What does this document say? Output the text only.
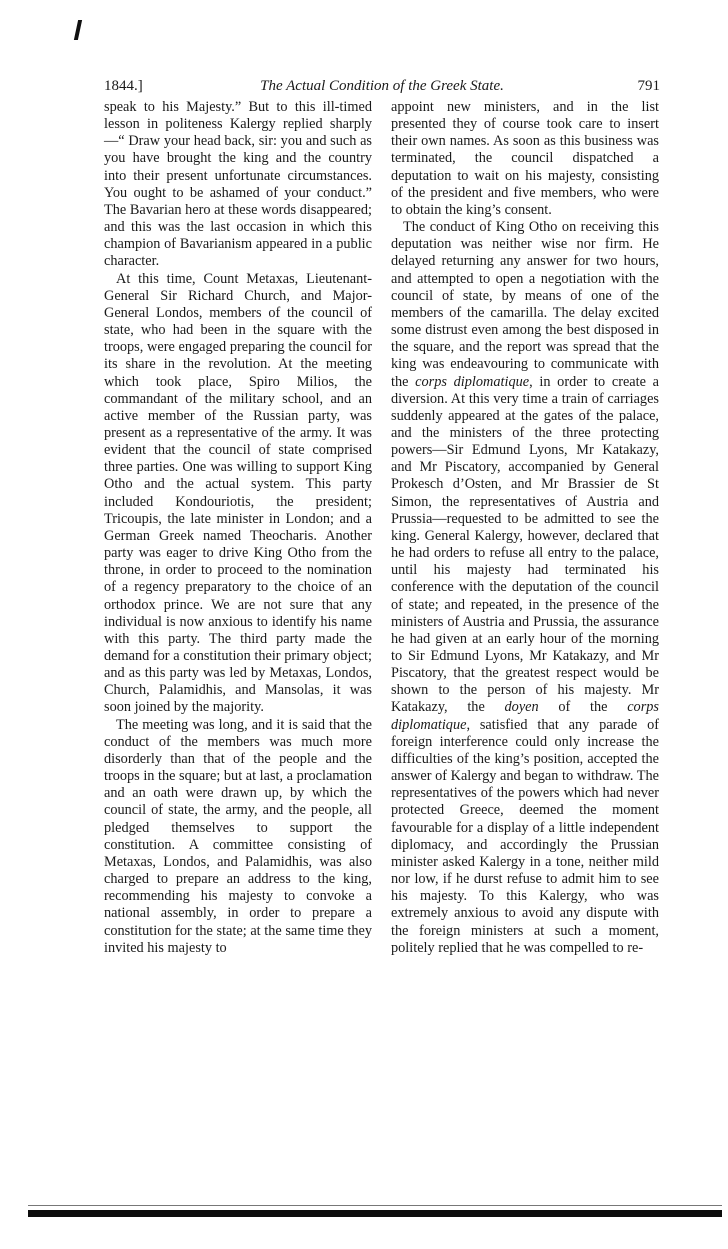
1844.]	The Actual Condition of the Greek State.	791

speak to his Majesty.” But to this ill-timed lesson in politeness Kalergy replied sharply—“ Draw your head back, sir: you and such as you have brought the king and the country into their present unfortunate circumstances. You ought to be ashamed of your conduct.” The Bavarian hero at these words disappeared; and this was the last occasion in which this champion of Bavarianism appeared in a public character.

At this time, Count Metaxas, Lieutenant-General Sir Richard Church, and Major-General Londos, members of the council of state, who had been in the square with the troops, were engaged preparing the council for its share in the revolution. At the meeting which took place, Spiro Milios, the commandant of the military school, and an active member of the Russian party, was present as a representative of the army. It was evident that the council of state comprised three parties. One was willing to support King Otho and the actual system. This party included Kondouriotis, the president; Tricoupis, the late minister in London; and a German Greek named Theocharis. Another party was eager to drive King Otho from the throne, in order to proceed to the nomination of a regency preparatory to the choice of an orthodox prince. We are not sure that any individual is now anxious to identify his name with this party. The third party made the demand for a constitution their primary object; and as this party was led by Metaxas, Londos, Church, Palamidhis, and Mansolas, it was soon joined by the majority.

The meeting was long, and it is said that the conduct of the members was much more disorderly than that of the people and the troops in the square; but at last, a proclamation and an oath were drawn up, by which the council of state, the army, and the people, all pledged themselves to support the constitution. A committee consisting of Metaxas, Londos, and Palamidhis, was also charged to prepare an address to the king, recommending his majesty to convoke a national assembly, in order to prepare a constitution for the state; at the same time they invited his majesty to

appoint new ministers, and in the list presented they of course took care to insert their own names. As soon as this business was terminated, the council dispatched a deputation to wait on his majesty, consisting of the president and five members, who were to obtain the king’s consent.

The conduct of King Otho on receiving this deputation was neither wise nor firm. He delayed returning any answer for two hours, and attempted to open a negotiation with the council of state, by means of one of the members of the camarilla. The delay excited some distrust even among the best disposed in the square, and the report was spread that the king was endeavouring to communicate with the corps diplomatique, in order to create a diversion. At this very time a train of carriages suddenly appeared at the gates of the palace, and the ministers of the three protecting powers—Sir Edmund Lyons, Mr Katakazy, and Mr Piscatory, accompanied by General Prokesch d’Osten, and Mr Brassier de St Simon, the representatives of Austria and Prussia—requested to be admitted to see the king. General Kalergy, however, declared that he had orders to refuse all entry to the palace, until his majesty had terminated his conference with the deputation of the council of state; and repeated, in the presence of the ministers of Austria and Prussia, the assurance he had given at an early hour of the morning to Sir Edmund Lyons, Mr Katakazy, and Mr Piscatory, that the greatest respect would be shown to the person of his majesty. Mr Katakazy, the doyen of the corps diplomatique, satisfied that any parade of foreign interference could only increase the difficulties of the king’s position, accepted the answer of Kalergy and began to withdraw. The representatives of the powers which had never protected Greece, deemed the moment favourable for a display of a little independent diplomacy, and accordingly the Prussian minister asked Kalergy in a tone, neither mild nor low, if he durst refuse to admit him to see his majesty. To this Kalergy, who was extremely anxious to avoid any dispute with the foreign ministers at such a moment, politely replied that he was compelled to re-
